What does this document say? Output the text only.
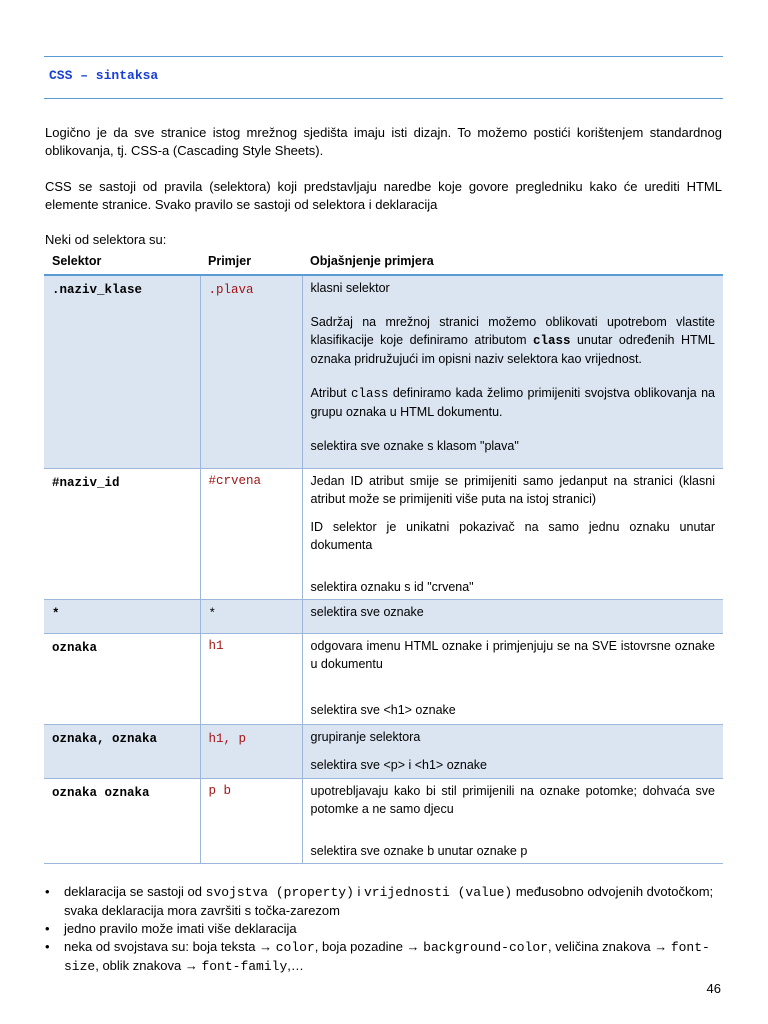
CSS – sintaksa

Logično je da sve stranice istog mrežnog sjedišta imaju isti dizajn. To možemo postići korištenjem standardnog oblikovanja, tj. CSS-a (Cascading Style Sheets).

CSS se sastoji od pravila (selektora) koji predstavljaju naredbe koje govore pregledniku kako će urediti HTML elemente stranice. Svako pravilo se sastoji od selektora i deklaracija

Neki od selektora su:

Selektor	Primjer	Objašnjenje primjera
.naziv_klase	.plava	klasni selektor

Sadržaj na mrežnoj stranici možemo oblikovati upotrebom vlastite klasifikacije koje definiramo atributom class unutar određenih HTML oznaka pridružujući im opisni naziv selektora kao vrijednost.

Atribut class definiramo kada želimo primijeniti svojstva oblikovanja na grupu oznaka u HTML dokumentu.

selektira sve oznake s klasom "plava"

#naziv_id	#crvena	Jedan ID atribut smije se primijeniti samo jedanput na stranici (klasni atribut može se primijeniti više puta na istoj stranici)

ID selektor je unikatni pokazivač na samo jednu oznaku unutar dokumenta

selektira oznaku s id "crvena"

*	*	selektira sve oznake
oznaka	h1	odgovara imenu HTML oznake i primjenjuju se na SVE istovrsne oznake u dokumentu

selektira sve <h1> oznake

oznaka, oznaka	h1, p	grupiranje selektora

selektira sve <p> i <h1> oznake

oznaka oznaka	p b	upotrebljavaju kako bi stil primijenili na oznake potomke; dohvaća sve potomke a ne samo djecu

selektira sve oznake b unutar oznake p

• deklaracija se sastoji od svojstva (property) i vrijednosti (value) međusobno odvojenih dvotočkom; svaka deklaracija mora završiti s točka-zarezom
• jedno pravilo može imati više deklaracija
• neka od svojstava su: boja teksta → color, boja pozadine → background-color, veličina znakova → font-size, oblik znakova → font-family,…
46
